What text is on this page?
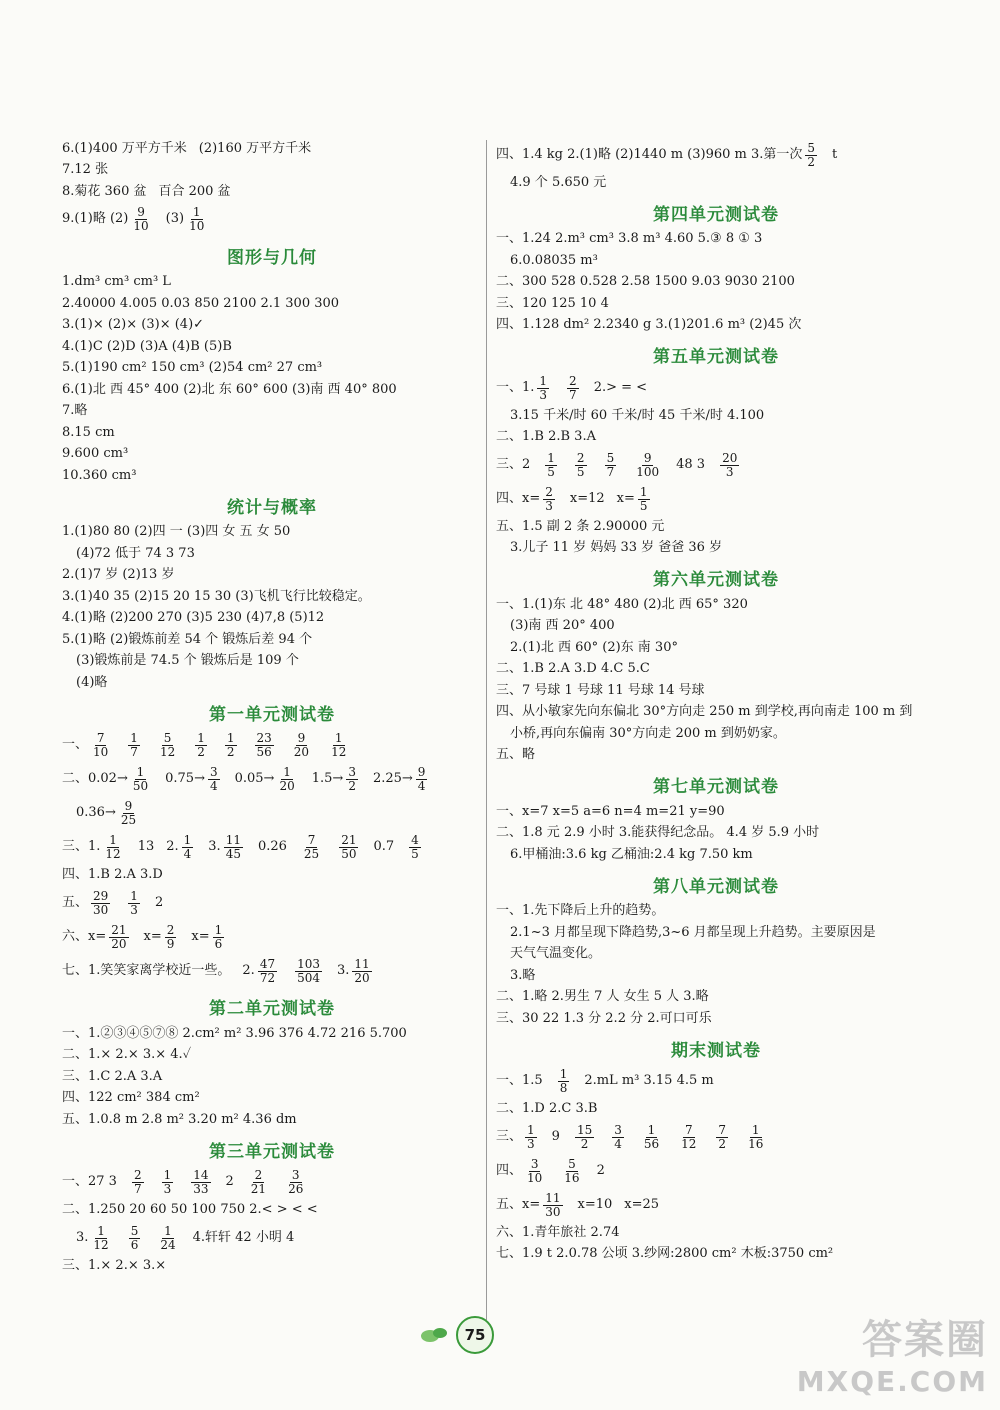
6.(1)400 万平方千米 (2)160 万平方千米
7.12 张
8.菊花 360 盆 百合 200 盆
9.(1)略 $(2) \frac{9}{10} (3) \frac{1}{10}$
图形与几何
1.dm³ cm³ cm³ L
2.40000 4.005 0.03 850 2100 2.1 300 300
3.(1)× (2)× (3)× (4)✓
4.(1)C (2)D (3)A (4)B (5)B
5.(1)190 cm² 150 cm³ (2)54 cm² 27 cm³
6.(1)北 西 45° 400 (2)北 东 60° 600 (3)南 西 40° 800
7.略
8.15 cm
9.600 cm³
10.360 cm³
统计与概率
1.(1)80 80 (2)四 一 (3)四 女 五 女 50
(4)72 低于 74 3 73
2.(1)7 岁 (2)13 岁
3.(1)40 35 (2)15 20 15 30 (3)飞机飞行比较稳定。
4.(1)略 (2)200 270 (3)5 230 (4)7,8 (5)12
5.(1)略 (2)锻炼前差 54 个 锻炼后差 94 个
(3)锻炼前是 74.5 个 锻炼后是 109 个
(4)略
第一单元测试卷
一、 $\frac{7}{10} \frac{1}{7} \frac{5}{12} \frac{1}{2} \frac{1}{2} \frac{23}{56} \frac{9}{20} \frac{1}{12}$
二、$0.02\to \frac{1}{50} 0.75\to \frac{3}{4} 0.05\to \frac{1}{20} 1.5\to \frac{3}{2} 2.25\to \frac{9}{4}$
$0.36\to \frac{9}{25}$
三、1. $\frac{1}{12} 13$ 2. $\frac{1}{4} 3$. $\frac{11}{45} 0.26 \frac{7}{25} \frac{21}{50} 0.7 \frac{4}{5}$
四、1.B 2.A 3.D
五、 $\frac{29}{30} \frac{1}{3} 2$
六、$x= \frac{21}{20} x= \frac{2}{9} x= \frac{1}{6}$
七、1.笑笑家离学校近一些。 2. $\frac{47}{72} \frac{103}{504} 3$. $\frac{11}{20}$
第二单元测试卷
一、1.②③④⑤⑦⑧ 2.cm² m² 3.96 376 4.72 216 5.700
二、1.× 2.× 3.× 4.✓
三、1.C 2.A 3.A
四、122 cm² 384 cm²
五、1.0.8 m 2.8 m² 3.20 m² 4.36 dm
第三单元测试卷
一、27 $3 \frac{2}{7} \frac{1}{3} \frac{14}{33} 2 \frac{2}{21} \frac{3}{26}$
二、1.250 20 60 50 100 750 2.< > < <
3. $\frac{1}{12} \frac{5}{6} \frac{1}{24} 4$.轩轩 42 小明 4
三、1.× 2.× 3.×
四、1.4 kg 2.(1)略 (2)1440 m (3)960 m 3.第一次 $\frac{5}{2}$ t
4.9 个 5.650 元
第四单元测试卷
一、1.24 2.m³ cm³ 3.8 m³ 4.60 5.③ 8 ① 3
6.0.08035 m³
二、300 528 0.528 2.58 1500 9.03 9030 2100
三、120 125 10 4
四、1.128 dm² 2.2340 g 3.(1)201.6 m³ (2)45 次
第五单元测试卷
一、1. $\frac{1}{3} \frac{2}{7} 2.>$ = <
3.15 千米/时 60 千米/时 45 千米/时 4.100
二、1.B 2.B 3.A
三、$2 \frac{1}{5} \frac{2}{5} \frac{5}{7} \frac{9}{100} 48$ $3 \frac{20}{3}$
四、$x= \frac{2}{3} x=12$ $x= \frac{1}{5}$
五、1.5 副 2 条 2.90000 元
3.儿子 11 岁 妈妈 33 岁 爸爸 36 岁
第六单元测试卷
一、1.(1)东 北 48° 480 (2)北 西 65° 320
(3)南 西 20° 400
2.(1)北 西 60° (2)东 南 30°
二、1.B 2.A 3.D 4.C 5.C
三、7 号球 1 号球 11 号球 14 号球
四、从小敏家先向东偏北 30°方向走 250 m 到学校,再向南走 100 m 到
小桥,再向东偏南 30°方向走 200 m 到奶奶家。
五、略
第七单元测试卷
一、x=7 x=5 a=6 n=4 m=21 y=90
二、1.8 元 2.9 小时 3.能获得纪念品。 4.4 岁 5.9 小时
6.甲桶油:3.6 kg 乙桶油:2.4 kg 7.50 km
第八单元测试卷
一、1.先下降后上升的趋势。
2.1~3 月都呈现下降趋势,3~6 月都呈现上升趋势。主要原因是
天气气温变化。
3.略
二、1.略 2.男生 7 人 女生 5 人 3.略
三、30 22 1.3 分 2.2 分 2.可口可乐
期末测试卷
一、$1.5 \frac{1}{8} 2.mL$ m³ 3.15 4.5 m
二、1.D 2.C 3.B
三、 $\frac{1}{3} 9 \frac{15}{2} \frac{3}{4} \frac{1}{56} \frac{7}{12} \frac{7}{2} \frac{1}{16}$
四、 $\frac{3}{10} \frac{5}{16} 2$
五、$x= \frac{11}{30} x=10$ x=25
六、1.青年旅社 2.74
七、1.9 t 2.0.78 公顷 3.纱网:2800 cm² 木板:3750 cm²
75	答案圈
MXQE.COM
